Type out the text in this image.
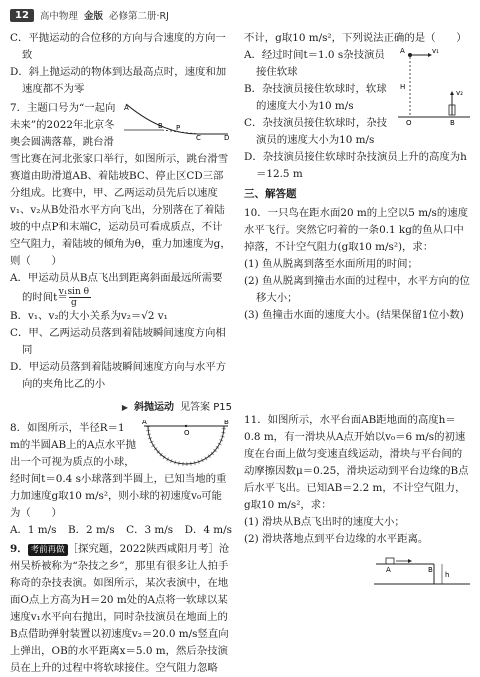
12	高中物理 金版 必修第二册·RJ

C．平抛运动的合位移的方向与合速度的方向一致

D．斜上抛运动的物体到达最高点时，速度和加速度都不为零

A
B P
C	D

7．主题口号为“一起向未来”的2022年北京冬奥会圆满落幕，跳台滑雪比赛在河北张家口举行，如图所示，跳台滑雪赛道由助滑道AB、着陆坡BC、停止区CD三部分组成。比赛中，甲、乙两运动员先后以速度v₁、v₂从B处沿水平方向飞出，分别落在了着陆坡的中点P和末端C，运动员可看成质点，不计空气阻力，着陆坡的倾角为θ，重力加速度为g，则（　　）

A．甲运动员从B点飞出到距离斜面最远所需要的时间$t= \frac{\text{v₁sin θ}}{g}$

B．v₁、v₂的大小关系为v₂＝√2 v₁

C．甲、乙两运动员落到着陆坡瞬间速度方向相同

D．甲运动员落到着陆坡瞬间速度方向与水平方向的夹角比乙的小

▶ 斜抛运动 见答案 P15
A
O
B

8．如图所示，半径R＝1 m的半圆AB上的A点水平抛出一个可视为质点的小球，经时间t＝0.4 s小球落到半圆上，已知当地的重力加速度g取10 m/s²，则小球的初速度v₀可能为（　　）

A．1 m/s B．2 m/s C．3 m/s D．4 m/s

9． 考前再做 ［探究题，2022陕西咸阳月考］沧州吴桥被称为“杂技之乡”，那里有很多让人拍手称奇的杂技表演。如图所示，某次表演中，在地面O点上方高为H＝20 m处的A点将一软球以某速度v₁水平向右抛出，同时杂技演员在地面上的B点借助弹射装置以初速度v₂＝20.0 m/s竖直向上弹出，OB的水平距离x＝5.0 m，然后杂技演员在上升的过程中将软球接住。空气阻力忽略

不计，g取10 m/s²，下列说法正确的是（　　）

A	v₁
v₂
H
O	B

A．经过时间t＝1.0 s杂技演员接住软球

B．杂技演员接住软球时，软球的速度大小为10 m/s

C．杂技演员接住软球时，杂技演员的速度大小为10 m/s

D．杂技演员接住软球时杂技演员上升的高度为h＝12.5 m

三、解答题

10．一只鸟在距水面20 m的上空以5 m/s的速度水平飞行。突然它叼着的一条0.1 kg的鱼从口中掉落，不计空气阻力(g取10 m/s²)，求：

(1) 鱼从脱离到落至水面所用的时间；

(2) 鱼从脱离到撞击水面的过程中，水平方向的位移大小；

(3) 鱼撞击水面的速度大小。(结果保留1位小数)

11．如图所示，水平台面AB距地面的高度h＝0.8 m，有一滑块从A点开始以v₀＝6 m/s的初速度在台面上做匀变速直线运动，滑块与平台间的动摩擦因数μ＝0.25，滑块运动到平台边缘的B点后水平飞出。已知AB＝2.2 m，不计空气阻力，g取10 m/s²，求：

(1) 滑块从B点飞出时的速度大小；

(2) 滑块落地点到平台边缘的水平距离。

A	B
h
